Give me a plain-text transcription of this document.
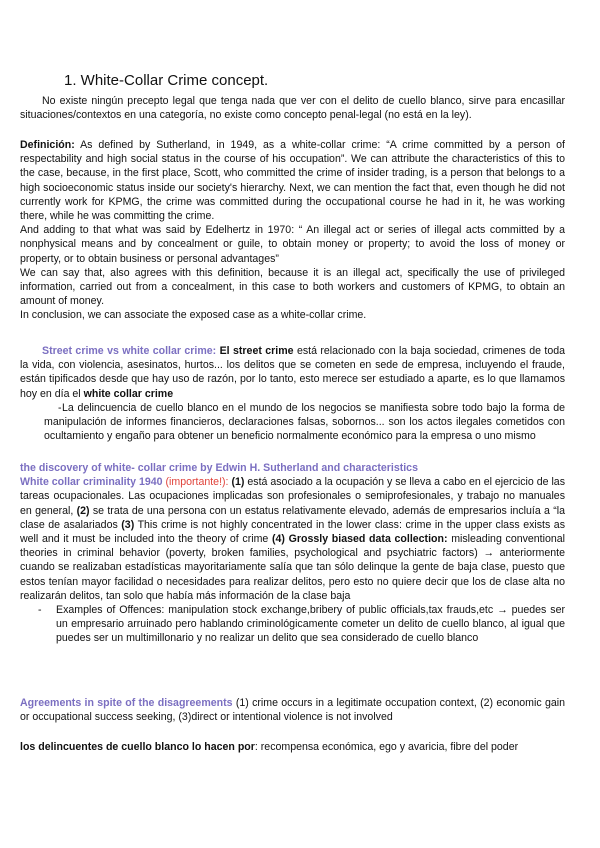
1. White-Collar Crime concept.

No existe ningún precepto legal que tenga nada que ver con el delito de cuello blanco, sirve para encasillar situaciones/contextos en una categoría, no existe como concepto penal-legal (no está en la ley).

Definición: As defined by Sutherland, in 1949, as a white-collar crime: “A crime committed by a person of respectability and high social status in the course of his occupation”. We can attribute the characteristics of this to the case, because, in the first place, Scott, who committed the crime of insider trading, is a person that belongs to a high socioeconomic status inside our society's hierarchy. Next, we can mention the fact that, even though he did not currently work for KPMG, the crime was committed during the occupational course he had in it, he was working there, while he was committing the crime.

And adding to that what was said by Edelhertz in 1970: “ An illegal act or series of illegal acts committed by a nonphysical means and by concealment or guile, to obtain money or property; to avoid the loss of money or property, or to obtain business or personal advantages”

We can say that, also agrees with this definition, because it is an illegal act, specifically the use of privileged information, carried out from a concealment, in this case to both workers and customers of KPMG, to obtain an amount of money.

In conclusion, we can associate the exposed case as a white-collar crime.

Street crime vs white collar crime: El street crime está relacionado con la baja sociedad, crimenes de toda la vida, con violencia, asesinatos, hurtos... los delitos que se cometen en sede de empresa, incluyendo el fraude, están tipificados desde que hay uso de razón, por lo tanto, esto merece ser estudiado a aparte, es lo que llamamos hoy en día el white collar crime

- La delincuencia de cuello blanco en el mundo de los negocios se manifiesta sobre todo bajo la forma de manipulación de informes financieros, declaraciones falsas, sobornos... son los actos ilegales cometidos con ocultamiento y engaño para obtener un beneficio normalmente económico para la empresa o uno mismo

the discovery of white- collar crime by Edwin H. Sutherland and characteristics

White collar criminality 1940 (importante!): (1) está asociado a la ocupación y se lleva a cabo en el ejercicio de las tareas ocupacionales. Las ocupaciones implicadas son profesionales o semiprofesionales, y trabajo no manuales en general, (2) se trata de una persona con un estatus relativamente elevado, además de empresarios incluía a “la clase de asalariados (3) This crime is not highly concentrated in the lower class: crime in the upper class exists as well and it must be included into the theory of crime (4) Grossly biased data collection: misleading conventional theories in criminal behavior (poverty, broken families, psychological and psychiatric factors) → anteriormente cuando se realizaban estadísticas mayoritariamente salía que tan sólo delinque la gente de baja clase, puesto que estos tenían mayor facilidad o necesidades para realizar delitos, pero esto no quiere decir que los de clase alta no realizarán delitos, tan solo que había más información de la clase baja

- Examples of Offences: manipulation stock exchange,bribery of public officials,tax frauds,etc → puedes ser un empresario arruinado pero hablando criminológicamente cometer un delito de cuello blanco, al igual que puedes ser un multimillonario y no realizar un delito que sea considerado de cuello blanco

Agreements in spite of the disagreements (1) crime occurs in a legitimate occupation context, (2) economic gain or occupational success seeking, (3)direct or intentional violence is not involved

los delincuentes de cuello blanco lo hacen por: recompensa económica, ego y avaricia, fibre del poder
